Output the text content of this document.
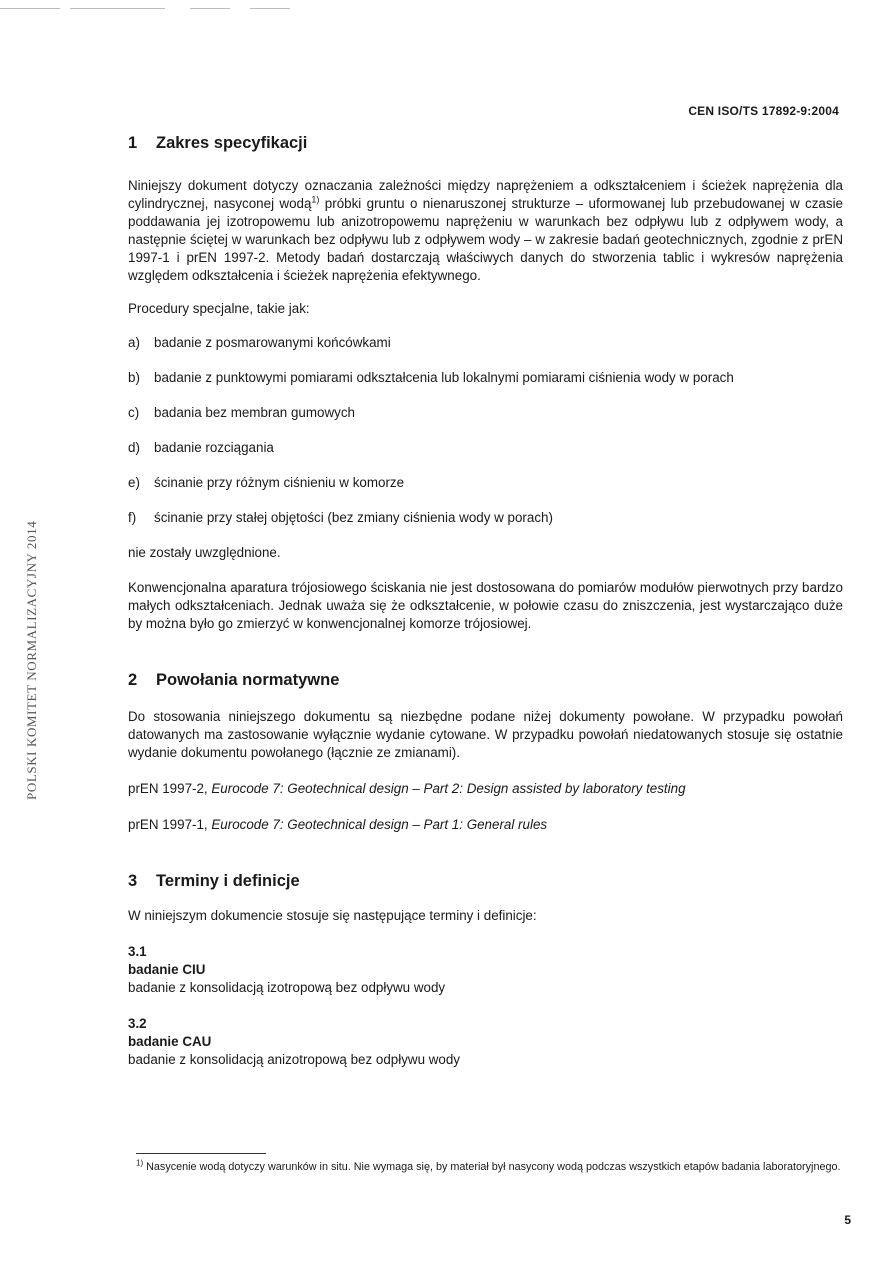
CEN ISO/TS 17892-9:2004
POLSKI KOMITET NORMALIZACYJNY 2014
1	Zakres specyfikacji

Niniejszy dokument dotyczy oznaczania zależności między naprężeniem a odkształceniem i ścieżek naprężenia dla cylindrycznej, nasyconej wodą$^{1)}$ próbki gruntu o nienaruszonej strukturze – uformowanej lub przebudowanej w czasie poddawania jej izotropowemu lub anizotropowemu naprężeniu w warunkach bez odpływu lub z odpływem wody, a następnie ściętej w warunkach bez odpływu lub z odpływem wody – w zakresie badań geotechnicznych, zgodnie z prEN 1997-1 i prEN 1997-2. Metody badań dostarczają właściwych danych do stworzenia tablic i wykresów naprężenia względem odkształcenia i ścieżek naprężenia efektywnego.

Procedury specjalne, takie jak:

a)	badanie z posmarowanymi końcówkami
b)	badanie z punktowymi pomiarami odkształcenia lub lokalnymi pomiarami ciśnienia wody w porach
c)	badania bez membran gumowych
d)	badanie rozciągania
e)	ścinanie przy różnym ciśnieniu w komorze
f)	ścinanie przy stałej objętości (bez zmiany ciśnienia wody w porach)

nie zostały uwzględnione.

Konwencjonalna aparatura trójosiowego ściskania nie jest dostosowana do pomiarów modułów pierwotnych przy bardzo małych odkształceniach. Jednak uważa się że odkształcenie, w połowie czasu do zniszczenia, jest wystarczająco duże by można było go zmierzyć w konwencjonalnej komorze trójosiowej.

2	Powołania normatywne

Do stosowania niniejszego dokumentu są niezbędne podane niżej dokumenty powołane. W przypadku powołań datowanych ma zastosowanie wyłącznie wydanie cytowane. W przypadku powołań niedatowanych stosuje się ostatnie wydanie dokumentu powołanego (łącznie ze zmianami).

prEN 1997-2, Eurocode 7: Geotechnical design – Part 2: Design assisted by laboratory testing

prEN 1997-1, Eurocode 7: Geotechnical design – Part 1: General rules

3	Terminy i definicje

W niniejszym dokumencie stosuje się następujące terminy i definicje:

3.1
badanie CIU

badanie z konsolidacją izotropową bez odpływu wody

3.2
badanie CAU

badanie z konsolidacją anizotropową bez odpływu wody

$^{1)}$ Nasycenie wodą dotyczy warunków in situ. Nie wymaga się, by materiał był nasycony wodą podczas wszystkich etapów badania laboratoryjnego.
5
